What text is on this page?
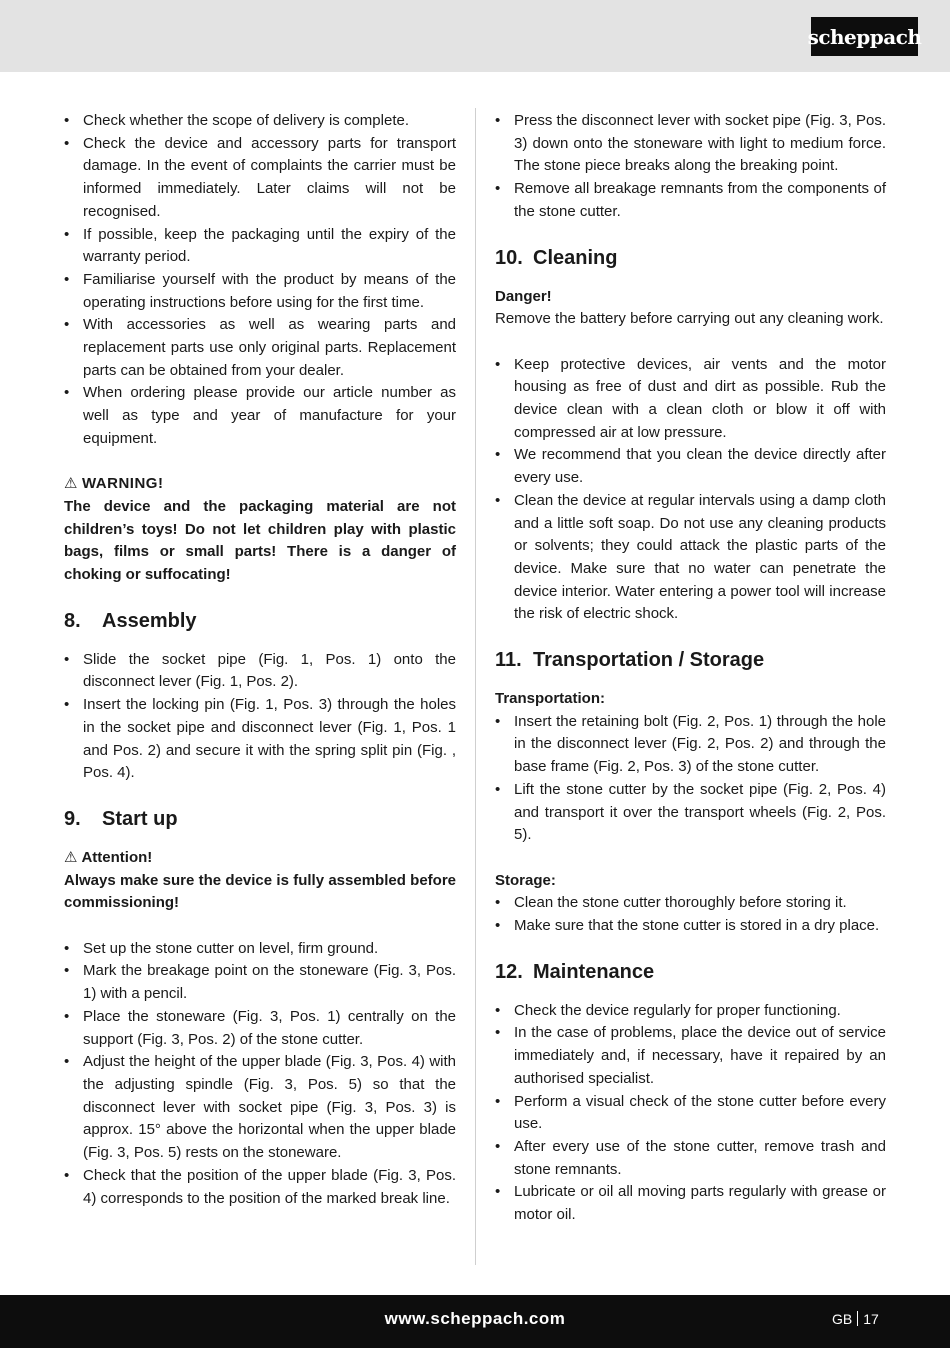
scheppach
• Check whether the scope of delivery is complete.
• Check the device and accessory parts for transport damage. In the event of complaints the carrier must be informed immediately. Later claims will not be recognised.
• If possible, keep the packaging until the expiry of the warranty period.
• Familiarise yourself with the product by means of the operating instructions before using for the first time.
• With accessories as well as wearing parts and replacement parts use only original parts. Replacement parts can be obtained from your dealer.
• When ordering please provide our article number as well as type and year of manufacture for your equipment.
⚠ WARNING!

The device and the packaging material are not children’s toys! Do not let children play with plastic bags, films or small parts! There is a danger of choking or suffocating!

8. Assembly
• Slide the socket pipe (Fig. 1, Pos. 1) onto the disconnect lever (Fig. 1, Pos. 2).
• Insert the locking pin (Fig. 1, Pos. 3) through the holes in the socket pipe and disconnect lever (Fig. 1, Pos. 1 and Pos. 2) and secure it with the spring split pin (Fig. , Pos. 4).
9. Start up
⚠ Attention!

Always make sure the device is fully assembled before commissioning!

• Set up the stone cutter on level, firm ground.
• Mark the breakage point on the stoneware (Fig. 3, Pos. 1) with a pencil.
• Place the stoneware (Fig. 3, Pos. 1) centrally on the support (Fig. 3, Pos. 2) of the stone cutter.
• Adjust the height of the upper blade (Fig. 3, Pos. 4) with the adjusting spindle (Fig. 3, Pos. 5) so that the disconnect lever with socket pipe (Fig. 3, Pos. 3) is approx. 15° above the horizontal when the upper blade (Fig. 3, Pos. 5) rests on the stoneware.
• Check that the position of the upper blade (Fig. 3, Pos. 4) corresponds to the position of the marked break line.
• Press the disconnect lever with socket pipe (Fig. 3, Pos. 3) down onto the stoneware with light to medium force. The stone piece breaks along the breaking point.
• Remove all breakage remnants from the components of the stone cutter.
10. Cleaning
Danger!

Remove the battery before carrying out any cleaning work.

• Keep protective devices, air vents and the motor housing as free of dust and dirt as possible. Rub the device clean with a clean cloth or blow it off with compressed air at low pressure.
• We recommend that you clean the device directly after every use.
• Clean the device at regular intervals using a damp cloth and a little soft soap. Do not use any cleaning products or solvents; they could attack the plastic parts of the device. Make sure that no water can penetrate the device interior. Water entering a power tool will increase the risk of electric shock.
11. Transportation / Storage
Transportation:
• Insert the retaining bolt (Fig. 2, Pos. 1) through the hole in the disconnect lever (Fig. 2, Pos. 2) and through the base frame (Fig. 2, Pos. 3) of the stone cutter.
• Lift the stone cutter by the socket pipe (Fig. 2, Pos. 4) and transport it over the transport wheels (Fig. 2, Pos. 5).
Storage:
• Clean the stone cutter thoroughly before storing it.
• Make sure that the stone cutter is stored in a dry place.
12. Maintenance
• Check the device regularly for proper functioning.
• In the case of problems, place the device out of service immediately and, if necessary, have it repaired by an authorised specialist.
• Perform a visual check of the stone cutter before every use.
• After every use of the stone cutter, remove trash and stone remnants.
• Lubricate or oil all moving parts regularly with grease or motor oil.
www.scheppach.com	GB 17
